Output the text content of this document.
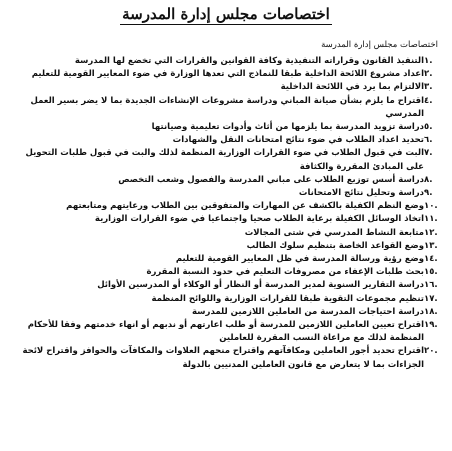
اختصاصات مجلس إدارة المدرسة
اختصاصات مجلس إدارة المدرسة
١.
التنفيذ القانون وقراراته التنفيذية وكافة القوانين والقرارات التي تخضع لها المدرسة
٢.
اعداد مشروع اللائحة الداخلية طبقا للنماذج التي تعدها الوزارة في ضوء المعايير القومية للتعليم
٣.
الالتزام بما يرد في اللائحة الداخلية
٤.
اقتراح ما يلزم بشأن صيانة المباني ودراسة مشروعات الإنشاءات الجديدة بما لا يضر بسير العمل المدرسي
٥.
دراسة تزويد المدرسة بما يلزمها من أثاث وأدوات تعليمية وصيانتها
٦.
تحديد اعداد الطلاب في ضوء نتائج امتحانات النقل والشهادات
٧.
البت في قبول الطلاب في ضوء القرارات الوزارية المنظمة لذلك والبت في قبول طلبات التحويل على المبادئ المقررة والكثافة
٨.
دراسة أسس توزيع الطلاب على مباني المدرسة والفصول وشعب التخصص
٩.
دراسة وتحليل نتائج الامتحانات
١٠.
وضع النظم الكفيلة بالكشف عن المهارات والمتفوقين بين الطلاب ورعايتهم ومتابعتهم
١١.
اتخاذ الوسائل الكفيلة برعاية الطلاب صحيا واجتماعيا في ضوء القرارات الوزارية
١٢.
متابعة النشاط المدرسي في شتى المجالات
١٣.
وضع القواعد الخاصة بتنظيم سلوك الطالب
١٤.
وضع رؤية ورسالة المدرسة في ظل المعايير القومية للتعليم
١٥.
بحث طلبات الإعفاء من مصروفات التعليم في حدود النسبة المقررة
١٦.
دراسة التقارير السنوية لمدير المدرسة أو النظار أو الوكلاء أو المدرسين الأوائل
١٧.
تنظيم مجموعات التقوية طبقا للقرارات الوزارية واللوائح المنظمة
١٨.
دراسة احتياجات المدرسة من العاملين اللازمين للمدرسة
١٩.
اقتراح تعيين العاملين اللازمين للمدرسة أو طلب اعارتهم أو ندبهم أو انهاء خدمتهم وفقا للأحكام المنظمة لذلك مع مراعاة النسب المقررة للعاملين
٢٠.
اقتراح تحديد أجور العاملين ومكافآتهم واقتراح منحهم العلاوات والمكافآت والحوافز واقتراح لائحة الجزاءات بما لا يتعارض مع قانون العاملين المدنيين بالدولة
